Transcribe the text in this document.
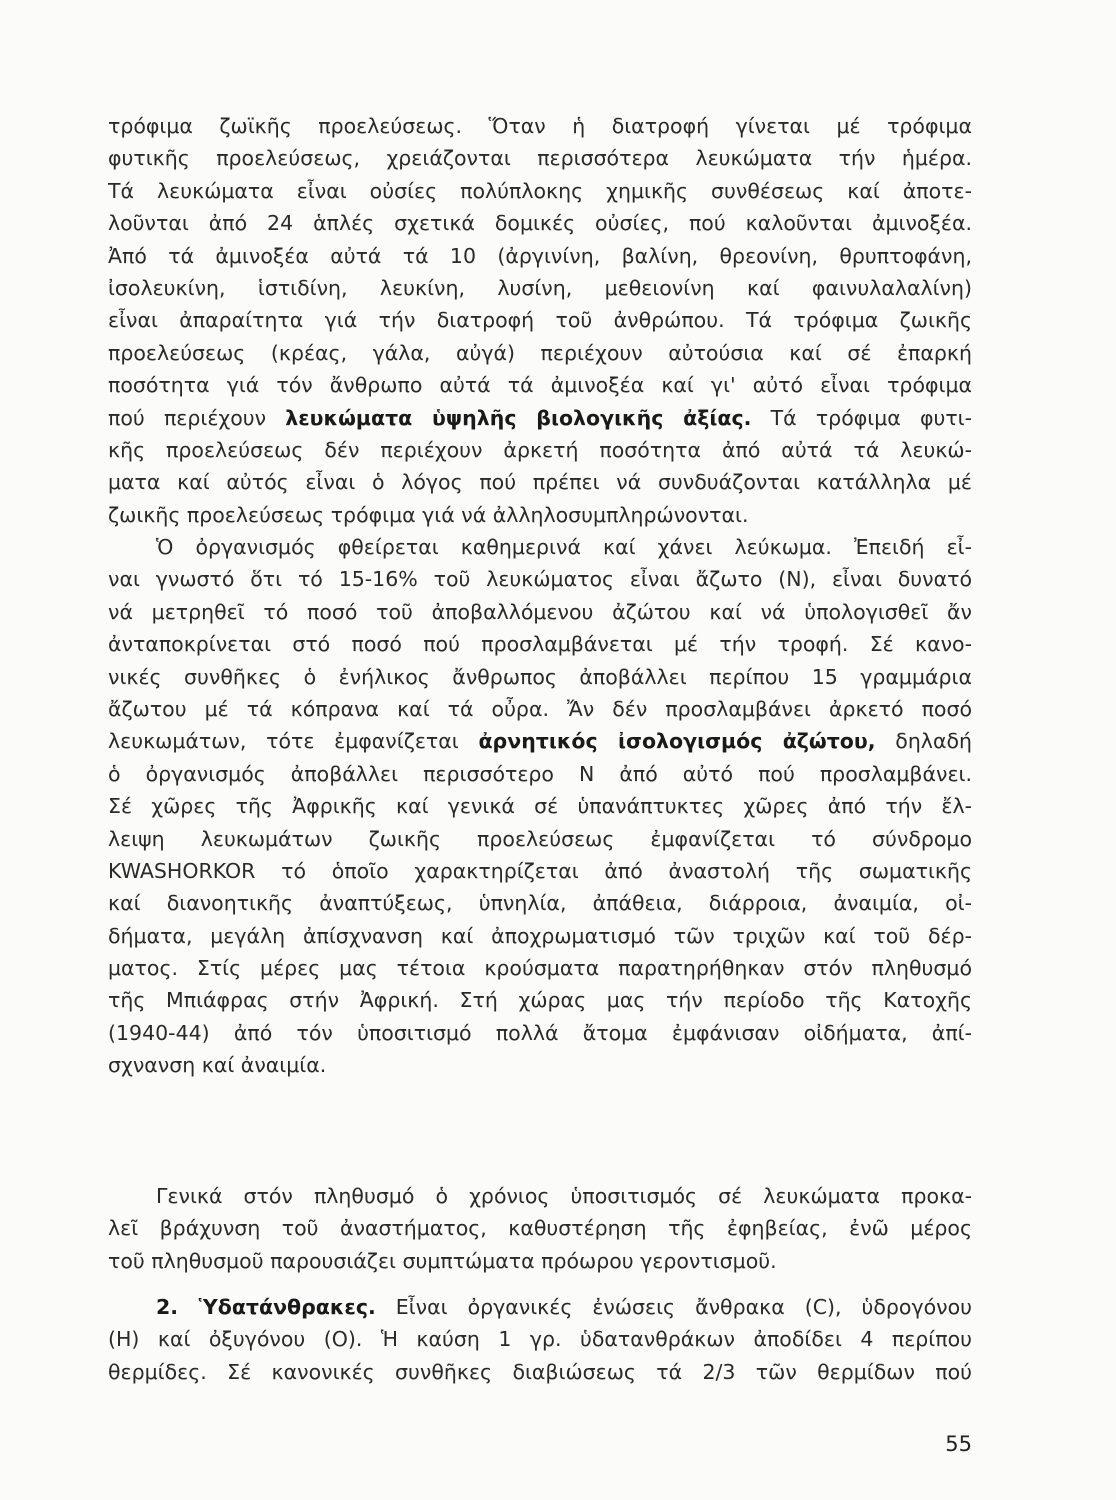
τρόφιμα ζωϊκῆς προελεύσεως. Ὅταν ἡ διατροφή γίνεται μέ τρόφιμα
φυτικῆς προελεύσεως, χρειάζονται περισσότερα λευκώματα τήν ἡμέρα.
Τά λευκώματα εἶναι οὐσίες πολύπλοκης χημικῆς συνθέσεως καί ἀποτε-
λοῦνται ἀπό 24 ἁπλές σχετικά δομικές οὐσίες, πού καλοῦνται ἀμινοξέα.
Ἀπό τά ἀμινοξέα αὐτά τά 10 (ἀργινίνη, βαλίνη, θρεονίνη, θρυπτοφάνη,
ἰσολευκίνη, ἱστιδίνη, λευκίνη, λυσίνη, μεθειονίνη καί φαινυλαλαλίνη)
εἶναι ἀπαραίτητα γιά τήν διατροφή τοῦ ἀνθρώπου. Τά τρόφιμα ζωικῆς
προελεύσεως (κρέας, γάλα, αὐγά) περιέχουν αὐτούσια καί σέ ἐπαρκή
ποσότητα γιά τόν ἄνθρωπο αὐτά τά ἀμινοξέα καί γι' αὐτό εἶναι τρόφιμα
πού περιέχουν λευκώματα ὑψηλῆς βιολογικῆς ἀξίας. Τά τρόφιμα φυτι-
κῆς προελεύσεως δέν περιέχουν ἀρκετή ποσότητα ἀπό αὐτά τά λευκώ-
ματα καί αὐτός εἶναι ὁ λόγος πού πρέπει νά συνδυάζονται κατάλληλα μέ
ζωικῆς προελεύσεως τρόφιμα γιά νά ἀλληλοσυμπληρώνονται.
Ὁ ὀργανισμός φθείρεται καθημερινά καί χάνει λεύκωμα. Ἐπειδή εἶ-
ναι γνωστό ὅτι τό 15-16% τοῦ λευκώματος εἶναι ἄζωτο (Ν), εἶναι δυνατό
νά μετρηθεῖ τό ποσό τοῦ ἀποβαλλόμενου ἀζώτου καί νά ὑπολογισθεῖ ἄν
ἀνταποκρίνεται στό ποσό πού προσλαμβάνεται μέ τήν τροφή. Σέ κανο-
νικές συνθῆκες ὁ ἐνήλικος ἄνθρωπος ἀποβάλλει περίπου 15 γραμμάρια
ἄζωτου μέ τά κόπρανα καί τά οὖρα. Ἄν δέν προσλαμβάνει ἀρκετό ποσό
λευκωμάτων, τότε ἐμφανίζεται ἀρνητικός ἰσολογισμός ἀζώτου, δηλαδή
ὁ ὀργανισμός ἀποβάλλει περισσότερο Ν ἀπό αὐτό πού προσλαμβάνει.
Σέ χῶρες τῆς Ἀφρικῆς καί γενικά σέ ὑπανάπτυκτες χῶρες ἀπό τήν ἔλ-
λειψη λευκωμάτων ζωικῆς προελεύσεως ἐμφανίζεται τό σύνδρομο
KWASHORKOR τό ὁποῖο χαρακτηρίζεται ἀπό ἀναστολή τῆς σωματικῆς
καί διανοητικῆς ἀναπτύξεως, ὑπνηλία, ἀπάθεια, διάρροια, ἀναιμία, οἰ-
δήματα, μεγάλη ἀπίσχνανση καί ἀποχρωματισμό τῶν τριχῶν καί τοῦ δέρ-
ματος. Στίς μέρες μας τέτοια κρούσματα παρατηρήθηκαν στόν πληθυσμό
τῆς Μπιάφρας στήν Ἀφρική. Στή χώρας μας τήν περίοδο τῆς Κατοχῆς
(1940-44) ἀπό τόν ὑποσιτισμό πολλά ἄτομα ἐμφάνισαν οἰδήματα, ἀπί-
σχνανση καί ἀναιμία.
Γενικά στόν πληθυσμό ὁ χρόνιος ὑποσιτισμός σέ λευκώματα προκα-
λεῖ βράχυνση τοῦ ἀναστήματος, καθυστέρηση τῆς ἐφηβείας, ἐνῶ μέρος
τοῦ πληθυσμοῦ παρουσιάζει συμπτώματα πρόωρου γεροντισμοῦ.
2. Ὑδατάνθρακες. Εἶναι ὀργανικές ἐνώσεις ἄνθρακα (C), ὑδρογόνου
(Η) καί ὀξυγόνου (Ο). Ἡ καύση 1 γρ. ὑδατανθράκων ἀποδίδει 4 περίπου
θερμίδες. Σέ κανονικές συνθῆκες διαβιώσεως τά 2/3 τῶν θερμίδων πού
55
